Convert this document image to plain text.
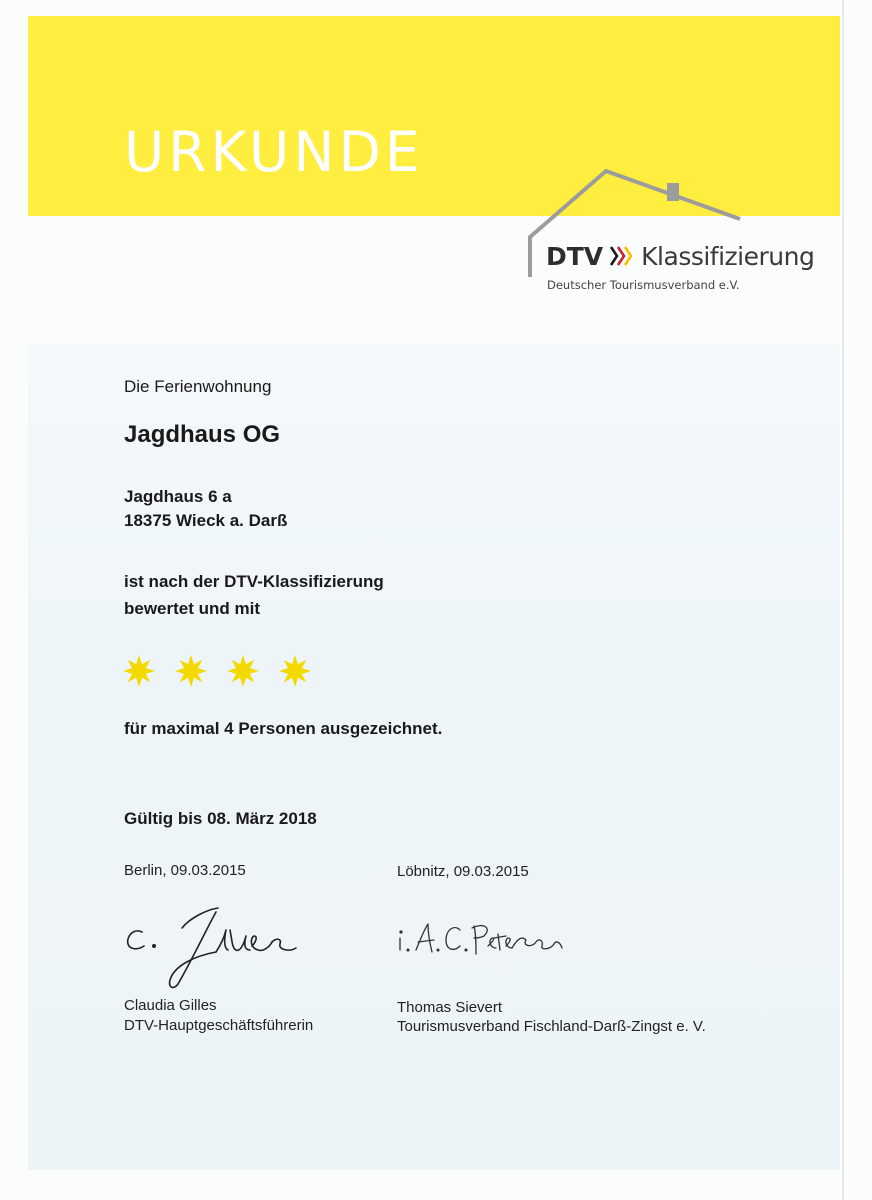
URKUNDE
DTV Klassifizierung
Deutscher Tourismusverband e.V.
Die Ferienwohnung
Jagdhaus OG
Jagdhaus 6 a
18375 Wieck a. Darß
ist nach der DTV-Klassifizierung
bewertet und mit
für maximal 4 Personen ausgezeichnet.
Gültig bis 08. März 2018
Berlin, 09.03.2015	Löbnitz, 09.03.2015
Claudia Gilles
DTV-Hauptgeschäftsführerin
Thomas Sievert
Tourismusverband Fischland-Darß-Zingst e. V.
